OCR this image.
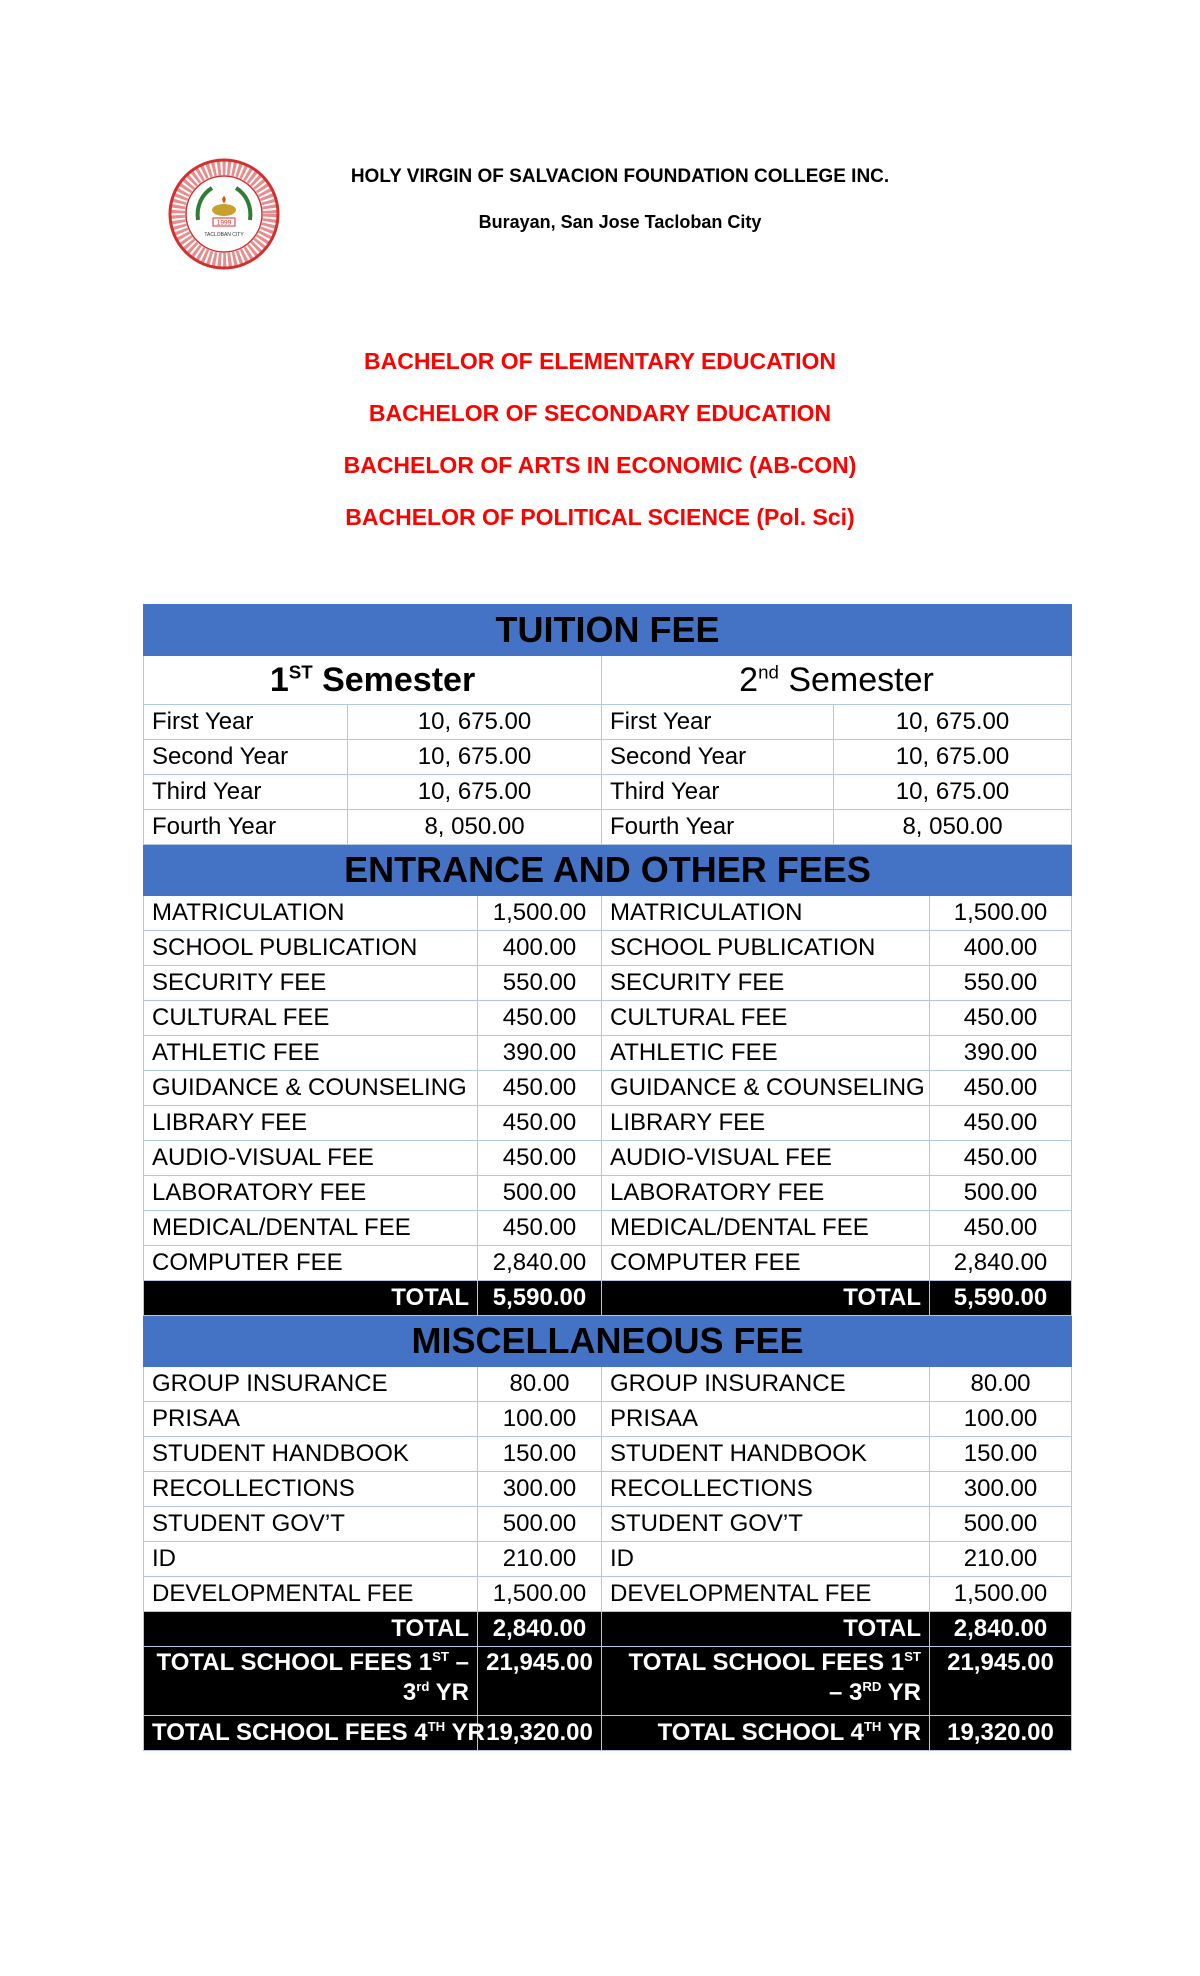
1999
TACLOBAN CITY
HOLY VIRGIN OF SALVACION FOUNDATION COLLEGE INC.
Burayan, San Jose Tacloban City
BACHELOR OF ELEMENTARY EDUCATION
BACHELOR OF SECONDARY EDUCATION
BACHELOR OF ARTS IN ECONOMIC (AB-CON)
BACHELOR OF POLITICAL SCIENCE (Pol. Sci)
TUITION FEE					
1ST Semester			2nd Semester		
First Year	10, 675.00		First Year	10, 675.00	
Second Year	10, 675.00		Second Year	10, 675.00	
Third Year	10, 675.00		Third Year	10, 675.00	
Fourth Year	8, 050.00		Fourth Year	8, 050.00	
ENTRANCE AND OTHER FEES					
MATRICULATION		1,500.00	MATRICULATION		1,500.00
SCHOOL PUBLICATION		400.00	SCHOOL PUBLICATION		400.00
SECURITY FEE		550.00	SECURITY FEE		550.00
CULTURAL FEE		450.00	CULTURAL FEE		450.00
ATHLETIC FEE		390.00	ATHLETIC FEE		390.00
GUIDANCE & COUNSELING		450.00	GUIDANCE & COUNSELING		450.00
LIBRARY FEE		450.00	LIBRARY FEE		450.00
AUDIO-VISUAL FEE		450.00	AUDIO-VISUAL FEE		450.00
LABORATORY FEE		500.00	LABORATORY FEE		500.00
MEDICAL/DENTAL FEE		450.00	MEDICAL/DENTAL FEE		450.00
COMPUTER FEE		2,840.00	COMPUTER FEE		2,840.00
TOTAL		5,590.00	TOTAL		5,590.00
MISCELLANEOUS FEE					
GROUP INSURANCE		80.00	GROUP INSURANCE		80.00
PRISAA		100.00	PRISAA		100.00
STUDENT HANDBOOK		150.00	STUDENT HANDBOOK		150.00
RECOLLECTIONS		300.00	RECOLLECTIONS		300.00
STUDENT GOV’T		500.00	STUDENT GOV’T		500.00
ID		210.00	ID		210.00
DEVELOPMENTAL FEE		1,500.00	DEVELOPMENTAL FEE		1,500.00
TOTAL		2,840.00	TOTAL		2,840.00
TOTAL SCHOOL FEES 1ST – 3rd YR		21,945.00	TOTAL SCHOOL FEES 1ST – 3RD YR		21,945.00
TOTAL SCHOOL FEES 4TH YR		19,320.00	TOTAL SCHOOL 4TH YR		19,320.00
